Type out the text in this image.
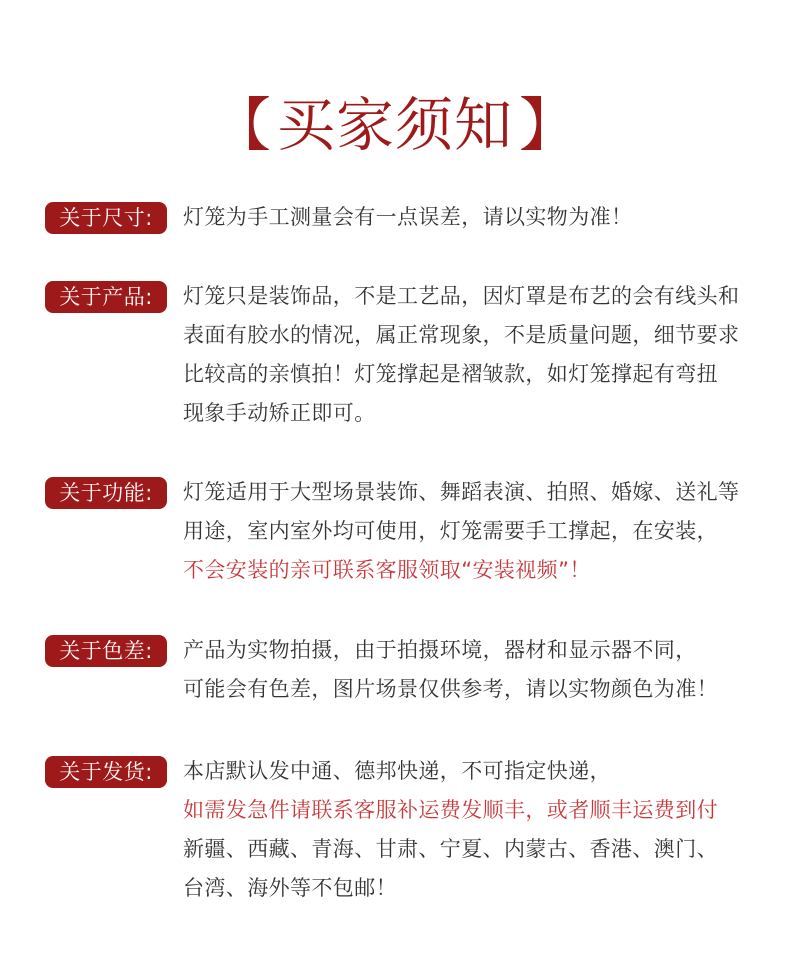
【 买家须知 】
关于尺寸:	灯笼为手工测量会有一点误差，请以实物为准！
关于产品:	灯笼只是装饰品，不是工艺品，因灯罩是布艺的会有线头和
表面有胶水的情况，属正常现象，不是质量问题，细节要求
比较高的亲慎拍！灯笼撑起是褶皱款，如灯笼撑起有弯扭
现象手动矫正即可。
关于功能:	灯笼适用于大型场景装饰、舞蹈表演、拍照、婚嫁、送礼等
用途，室内室外均可使用，灯笼需要手工撑起，在安装，
不会安装的亲可联系客服领取“安装视频”！
关于色差:	产品为实物拍摄，由于拍摄环境，器材和显示器不同，
可能会有色差，图片场景仅供参考，请以实物颜色为准！
关于发货:	本店默认发中通、德邦快递，不可指定快递，
如需发急件请联系客服补运费发顺丰，或者顺丰运费到付
新疆、西藏、青海、甘肃、宁夏、内蒙古、香港、澳门、
台湾、海外等不包邮！
